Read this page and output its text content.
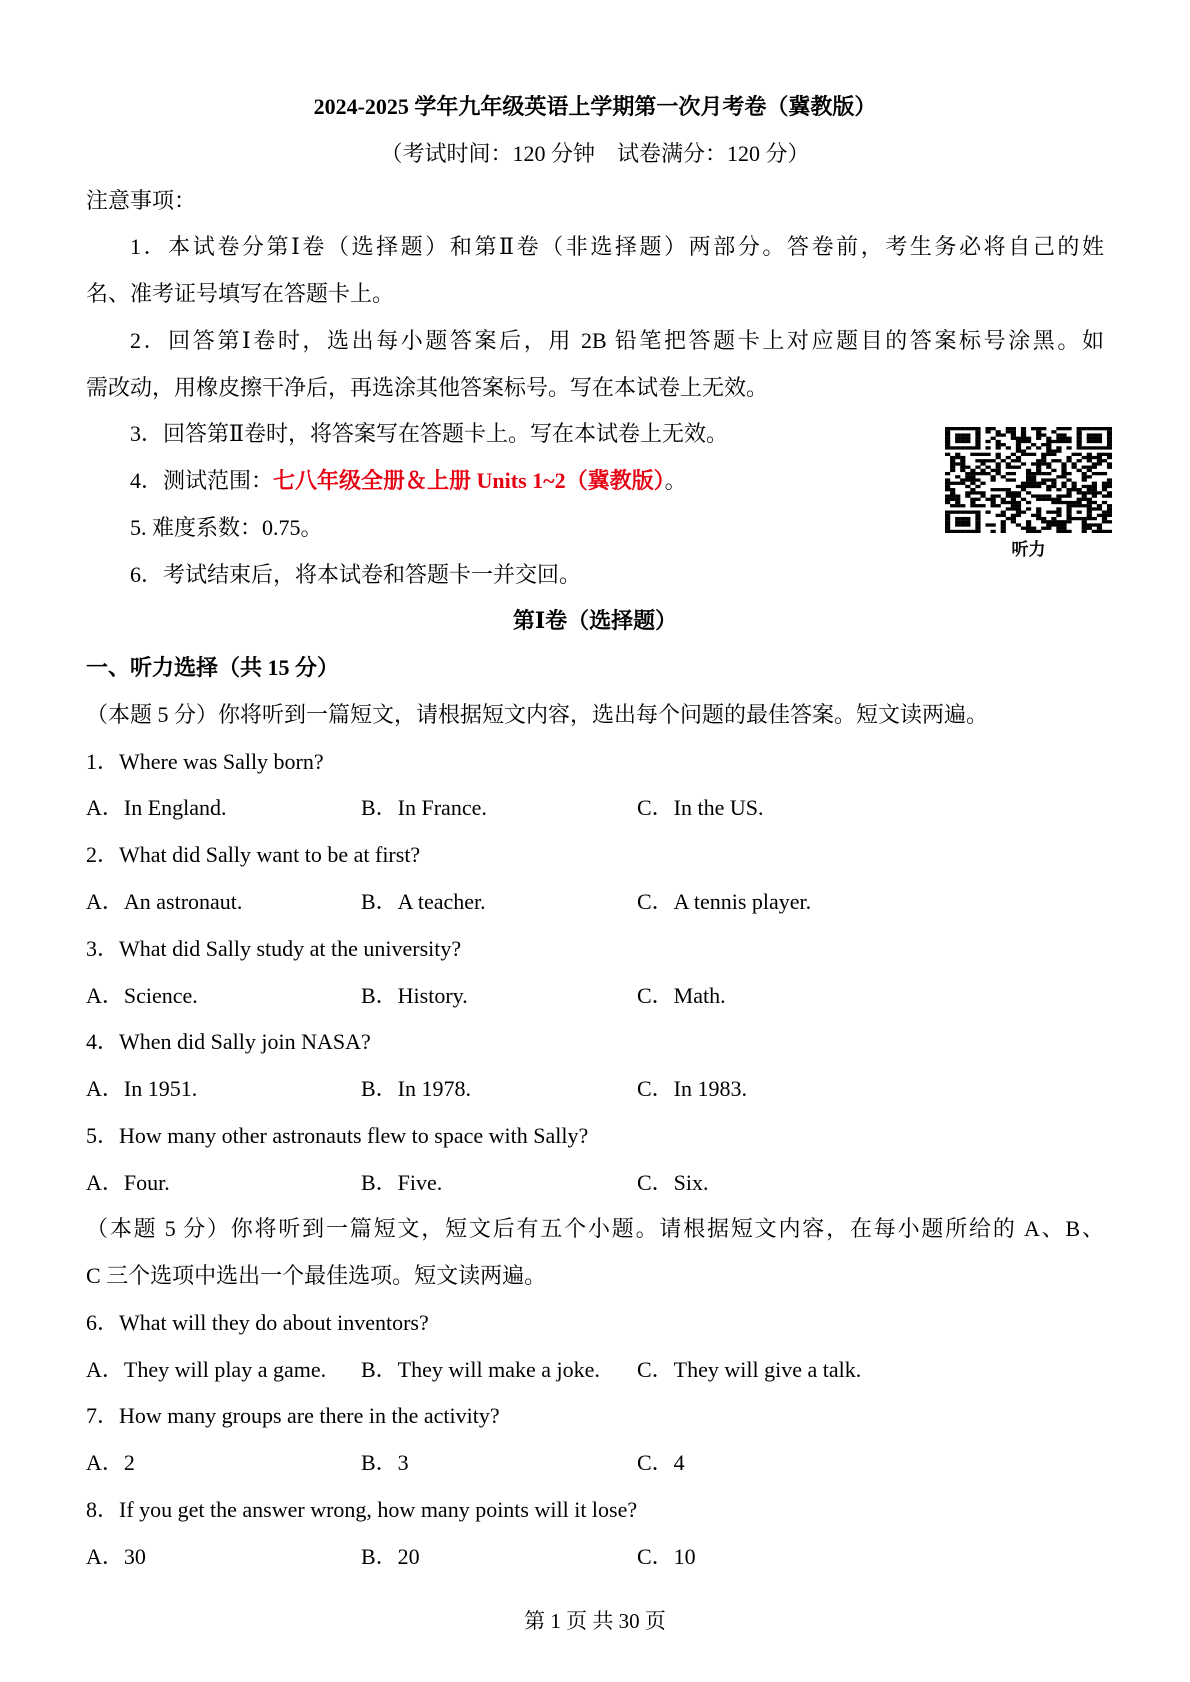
2024-2025 学年九年级英语上学期第一次月考卷（冀教版）
（考试时间：120 分钟    试卷满分：120 分）
注意事项：
1．本试卷分第Ⅰ卷（选择题）和第Ⅱ卷（非选择题）两部分。答卷前，考生务必将自己的姓
名、准考证号填写在答题卡上。
2．回答第Ⅰ卷时，选出每小题答案后，用 2B 铅笔把答题卡上对应题目的答案标号涂黑。如
需改动，用橡皮擦干净后，再选涂其他答案标号。写在本试卷上无效。
3．回答第Ⅱ卷时，将答案写在答题卡上。写在本试卷上无效。
4．测试范围：七八年级全册＆上册 Units 1~2（冀教版）。
5. 难度系数：0.75。
6．考试结束后，将本试卷和答题卡一并交回。
第Ⅰ卷（选择题）
一、听力选择（共 15 分）
（本题 5 分）你将听到一篇短文，请根据短文内容，选出每个问题的最佳答案。短文读两遍。
1．Where was Sally born?
A．In England.	B．In France.	C．In the US.
2．What did Sally want to be at first?
A．An astronaut.	B．A teacher.	C．A tennis player.
3．What did Sally study at the university?
A．Science.	B．History.	C．Math.
4．When did Sally join NASA?
A．In 1951.	B．In 1978.	C．In 1983.
5．How many other astronauts flew to space with Sally?
A．Four.	B．Five.	C．Six.
（本题 5 分）你将听到一篇短文，短文后有五个小题。请根据短文内容，在每小题所给的 A、B、
C 三个选项中选出一个最佳选项。短文读两遍。
6．What will they do about inventors?
A．They will play a game.	B．They will make a joke.	C．They will give a talk.
7．How many groups are there in the activity?
A．2	B．3	C．4
8．If you get the answer wrong, how many points will it lose?
A．30	B．20	C．10
听力
第 1 页 共 30 页
